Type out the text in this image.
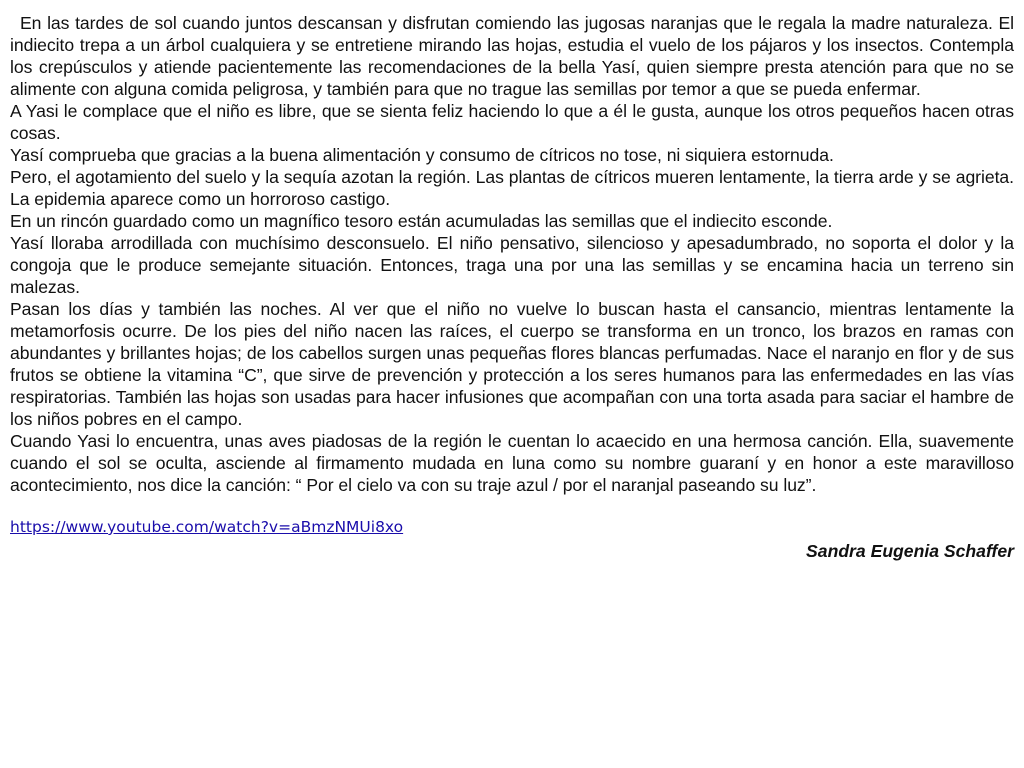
En las tardes de sol cuando juntos descansan y disfrutan comiendo las jugosas naranjas que le regala la madre naturaleza. El indiecito trepa a un árbol cualquiera y se entretiene mirando las hojas, estudia el vuelo de los pájaros y los insectos. Contempla los crepúsculos y atiende pacientemente las recomendaciones de la bella Yasí, quien siempre presta atención para que no se alimente con alguna comida peligrosa, y también para que no trague las semillas por temor a que se pueda enfermar.

A Yasi le complace que el niño es libre, que se sienta feliz haciendo lo que a él le gusta, aunque los otros pequeños hacen otras cosas.

Yasí comprueba que gracias a la buena alimentación y consumo de cítricos no tose, ni siquiera estornuda.

Pero, el agotamiento del suelo y la sequía azotan la región. Las plantas de cítricos mueren lentamente, la tierra arde y se agrieta. La epidemia aparece como un horroroso castigo.

En un rincón guardado como un magnífico tesoro están acumuladas las semillas que el indiecito esconde.

Yasí lloraba arrodillada con muchísimo desconsuelo. El niño pensativo, silencioso y apesadumbrado, no soporta el dolor y la congoja que le produce semejante situación. Entonces, traga una por una las semillas y se encamina hacia un terreno sin malezas.

Pasan los días y también las noches. Al ver que el niño no vuelve lo buscan hasta el cansancio, mientras lentamente la metamorfosis ocurre. De los pies del niño nacen las raíces, el cuerpo se transforma en un tronco, los brazos en ramas con abundantes y brillantes hojas; de los cabellos surgen unas pequeñas flores blancas perfumadas. Nace el naranjo en flor y de sus frutos se obtiene la vitamina “C”, que sirve de prevención y protección a los seres humanos para las enfermedades en las vías respiratorias. También las hojas son usadas para hacer infusiones que acompañan con una torta asada para saciar el hambre de los niños pobres en el campo.

Cuando Yasi lo encuentra, unas aves piadosas de la región le cuentan lo acaecido en una hermosa canción. Ella, suavemente cuando el sol se oculta, asciende al firmamento mudada en luna como su nombre guaraní y en honor a este maravilloso acontecimiento, nos dice la canción: “ Por el cielo va con su traje azul / por el naranjal paseando su luz”.

https://www.youtube.com/watch?v=aBmzNMUi8xo

Sandra Eugenia Schaffer
